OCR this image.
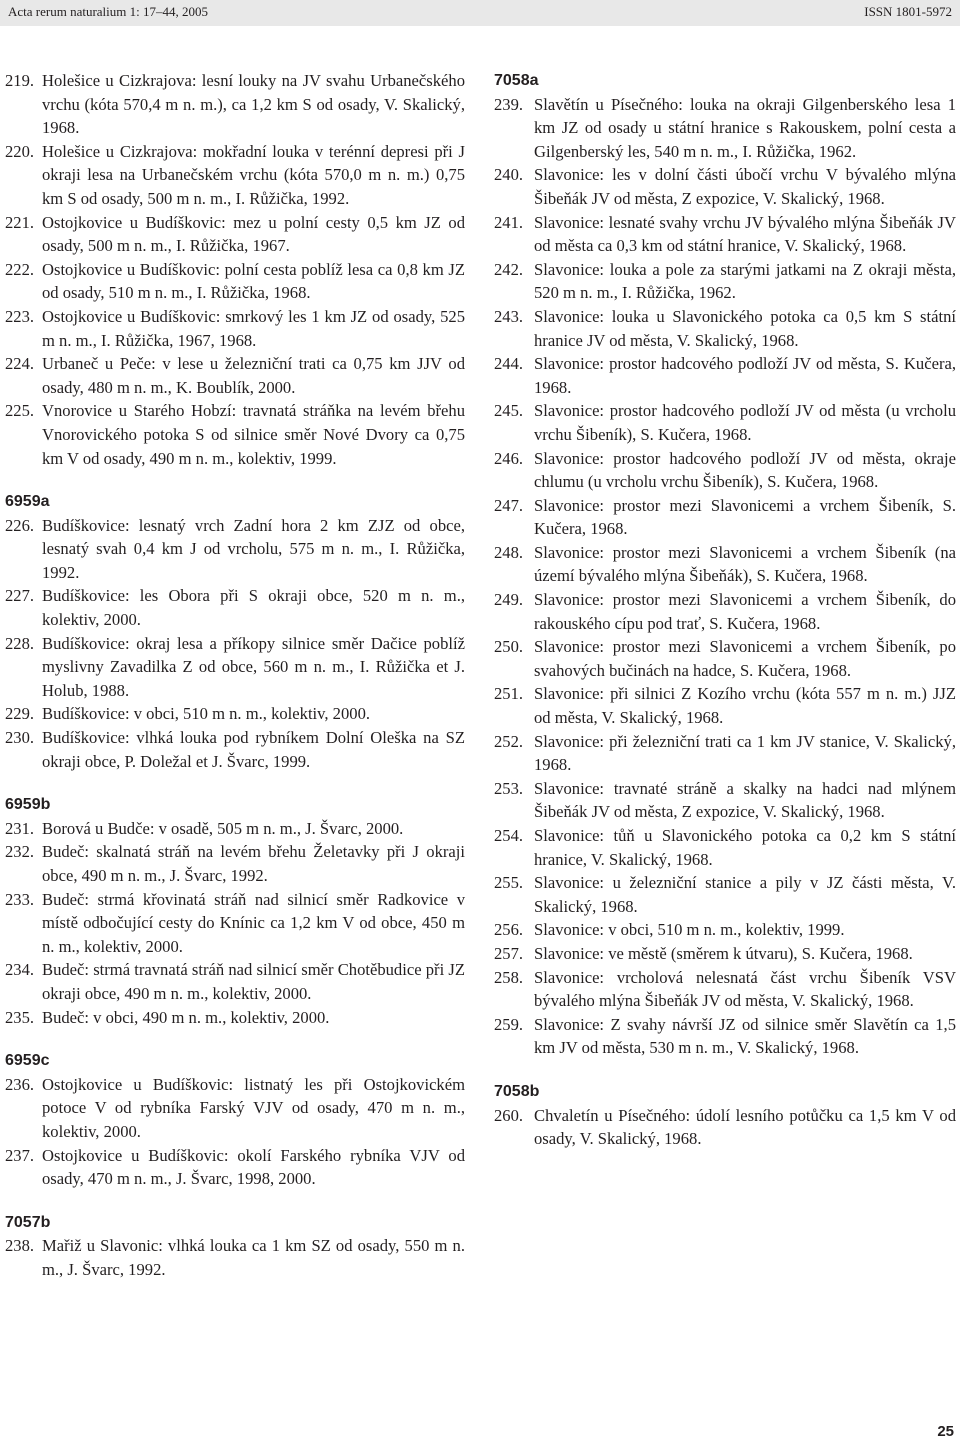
Acta rerum naturalium 1: 17–44, 2005	ISSN 1801-5972
219. Holešice u Cizkrajova: lesní louky na JV svahu Urbanečského vrchu (kóta 570,4 m n. m.), ca 1,2 km S od osady, V. Skalický, 1968.
220. Holešice u Cizkrajova: mokřadní louka v terénní depresi při J okraji lesa na Urbanečském vrchu (kóta 570,0 m n. m.) 0,75 km S od osady, 500 m n. m., I. Růžička, 1992.
221. Ostojkovice u Budíškovic: mez u polní cesty 0,5 km JZ od osady, 500 m n. m., I. Růžička, 1967.
222. Ostojkovice u Budíškovic: polní cesta poblíž lesa ca 0,8 km JZ od osady, 510 m n. m., I. Růžička, 1968.
223. Ostojkovice u Budíškovic: smrkový les 1 km JZ od osady, 525 m n. m., I. Růžička, 1967, 1968.
224. Urbaneč u Peče: v lese u železniční trati ca 0,75 km JJV od osady, 480 m n. m., K. Boublík, 2000.
225. Vnorovice u Starého Hobzí: travnatá stráňka na levém břehu Vnorovického potoka S od silnice směr Nové Dvory ca 0,75 km V od osady, 490 m n. m., kolektiv, 1999.
6959a
226. Budíškovice: lesnatý vrch Zadní hora 2 km ZJZ od obce, lesnatý svah 0,4 km J od vrcholu, 575 m n. m., I. Růžička, 1992.
227. Budíškovice: les Obora při S okraji obce, 520 m n. m., kolektiv, 2000.
228. Budíškovice: okraj lesa a příkopy silnice směr Dačice poblíž myslivny Zavadilka Z od obce, 560 m n. m., I. Růžička et J. Holub, 1988.
229. Budíškovice: v obci, 510 m n. m., kolektiv, 2000.
230. Budíškovice: vlhká louka pod rybníkem Dolní Oleška na SZ okraji obce, P. Doležal et J. Švarc, 1999.
6959b
231. Borová u Budče: v osadě, 505 m n. m., J. Švarc, 2000.
232. Budeč: skalnatá stráň na levém břehu Želetavky při J okraji obce, 490 m n. m., J. Švarc, 1992.
233. Budeč: strmá křovinatá stráň nad silnicí směr Radkovice v místě odbočující cesty do Knínic ca 1,2 km V od obce, 450 m n. m., kolektiv, 2000.
234. Budeč: strmá travnatá stráň nad silnicí směr Chotěbudice při JZ okraji obce, 490 m n. m., kolektiv, 2000.
235. Budeč: v obci, 490 m n. m., kolektiv, 2000.
6959c
236. Ostojkovice u Budíškovic: listnatý les při Ostojkovickém potoce V od rybníka Farský VJV od osady, 470 m n. m., kolektiv, 2000.
237. Ostojkovice u Budíškovic: okolí Farského rybníka VJV od osady, 470 m n. m., J. Švarc, 1998, 2000.
7057b
238. Mařiž u Slavonic: vlhká louka ca 1 km SZ od osady, 550 m n. m., J. Švarc, 1992.
7058a
239. Slavětín u Písečného: louka na okraji Gilgenberského lesa 1 km JZ od osady u státní hranice s Rakouskem, polní cesta a Gilgenberský les, 540 m n. m., I. Růžička, 1962.
240. Slavonice: les v dolní části úbočí vrchu V bývalého mlýna Šibeňák JV od města, Z expozice, V. Skalický, 1968.
241. Slavonice: lesnaté svahy vrchu JV bývalého mlýna Šibeňák JV od města ca 0,3 km od státní hranice, V. Skalický, 1968.
242. Slavonice: louka a pole za starými jatkami na Z okraji města, 520 m n. m., I. Růžička, 1962.
243. Slavonice: louka u Slavonického potoka ca 0,5 km S státní hranice JV od města, V. Skalický, 1968.
244. Slavonice: prostor hadcového podloží JV od města, S. Kučera, 1968.
245. Slavonice: prostor hadcového podloží JV od města (u vrcholu vrchu Šibeník), S. Kučera, 1968.
246. Slavonice: prostor hadcového podloží JV od města, okraje chlumu (u vrcholu vrchu Šibeník), S. Kučera, 1968.
247. Slavonice: prostor mezi Slavonicemi a vrchem Šibeník, S. Kučera, 1968.
248. Slavonice: prostor mezi Slavonicemi a vrchem Šibeník (na území bývalého mlýna Šibeňák), S. Kučera, 1968.
249. Slavonice: prostor mezi Slavonicemi a vrchem Šibeník, do rakouského cípu pod trať, S. Kučera, 1968.
250. Slavonice: prostor mezi Slavonicemi a vrchem Šibeník, po svahových bučinách na hadce, S. Kučera, 1968.
251. Slavonice: při silnici Z Kozího vrchu (kóta 557 m n. m.) JJZ od města, V. Skalický, 1968.
252. Slavonice: při železniční trati ca 1 km JV stanice, V. Skalický, 1968.
253. Slavonice: travnaté stráně a skalky na hadci nad mlýnem Šibeňák JV od města, Z expozice, V. Skalický, 1968.
254. Slavonice: tůň u Slavonického potoka ca 0,2 km S státní hranice, V. Skalický, 1968.
255. Slavonice: u železniční stanice a pily v JZ části města, V. Skalický, 1968.
256. Slavonice: v obci, 510 m n. m., kolektiv, 1999.
257. Slavonice: ve městě (směrem k útvaru), S. Kučera, 1968.
258. Slavonice: vrcholová nelesnatá část vrchu Šibeník VSV bývalého mlýna Šibeňák JV od města, V. Skalický, 1968.
259. Slavonice: Z svahy návrší JZ od silnice směr Slavětín ca 1,5 km JV od města, 530 m n. m., V. Skalický, 1968.
7058b
260. Chvaletín u Písečného: údolí lesního potůčku ca 1,5 km V od osady, V. Skalický, 1968.
25
